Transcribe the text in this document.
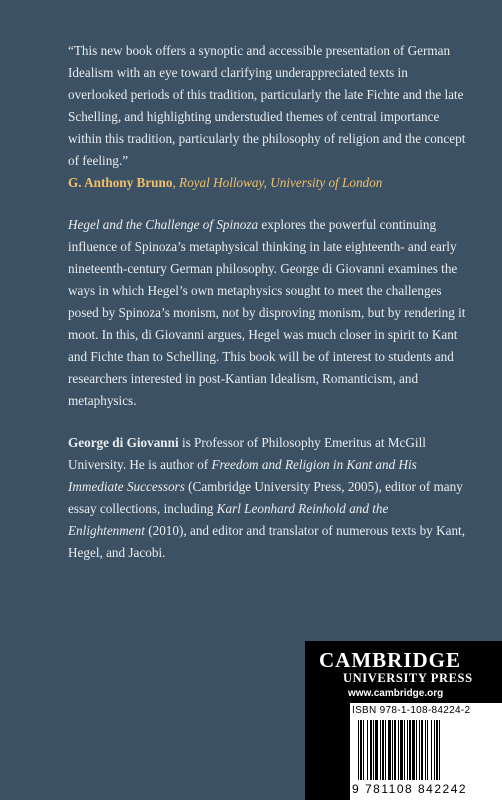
“This new book offers a synoptic and accessible presentation of German Idealism with an eye toward clarifying underappreciated texts in overlooked periods of this tradition, particularly the late Fichte and the late Schelling, and highlighting understudied themes of central importance within this tradition, particularly the philosophy of religion and the concept of feeling.”

G. Anthony Bruno, Royal Holloway, University of London

Hegel and the Challenge of Spinoza explores the powerful continuing influence of Spinoza’s metaphysical thinking in late eighteenth- and early nineteenth-century German philosophy. George di Giovanni examines the ways in which Hegel’s own metaphysics sought to meet the challenges posed by Spinoza’s monism, not by disproving monism, but by rendering it moot. In this, di Giovanni argues, Hegel was much closer in spirit to Kant and Fichte than to Schelling. This book will be of interest to students and researchers interested in post-Kantian Idealism, Romanticism, and metaphysics.

George di Giovanni is Professor of Philosophy Emeritus at McGill University. He is author of Freedom and Religion in Kant and His Immediate Successors (Cambridge University Press, 2005), editor of many essay collections, including Karl Leonhard Reinhold and the Enlightenment (2010), and editor and translator of numerous texts by Kant, Hegel, and Jacobi.

CAMBRIDGE
UNIVERSITY PRESS
www.cambridge.org
ISBN 978-1-108-84224-2
9 781108 842242
